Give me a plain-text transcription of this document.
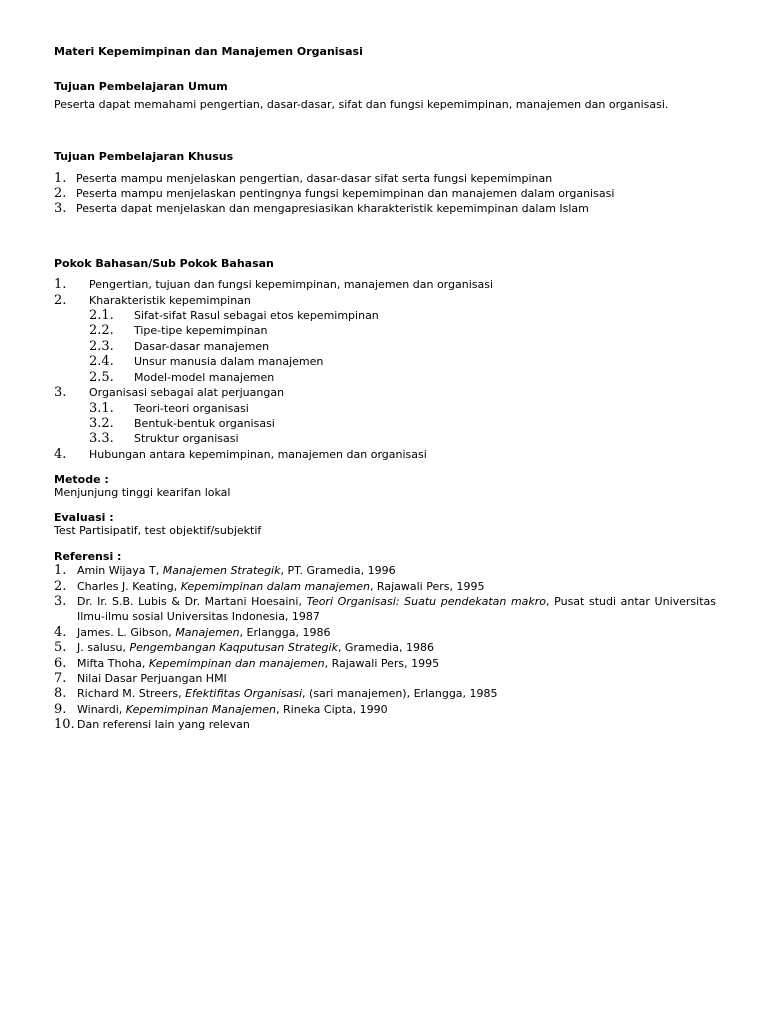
Materi Kepemimpinan dan Manajemen Organisasi

Tujuan Pembelajaran Umum

Peserta dapat memahami pengertian, dasar-dasar, sifat dan fungsi kepemimpinan, manajemen dan organisasi.

Tujuan Pembelajaran Khusus

1. Peserta mampu menjelaskan pengertian, dasar-dasar sifat serta fungsi kepemimpinan
2. Peserta mampu menjelaskan pentingnya fungsi kepemimpinan dan manajemen dalam organisasi
3. Peserta dapat menjelaskan dan mengapresiasikan kharakteristik kepemimpinan dalam Islam

Pokok Bahasan/Sub Pokok Bahasan

1.	Pengertian, tujuan dan fungsi kepemimpinan, manajemen dan organisasi
2.	Kharakteristik kepemimpinan
2.1.	Sifat-sifat Rasul sebagai etos kepemimpinan
2.2.	Tipe-tipe kepemimpinan
2.3.	Dasar-dasar manajemen
2.4.	Unsur manusia dalam manajemen
2.5.	Model-model manajemen
3.	Organisasi sebagai alat perjuangan
3.1.	Teori-teori organisasi
3.2.	Bentuk-bentuk organisasi
3.3.	Struktur organisasi
4.	Hubungan antara kepemimpinan, manajemen dan organisasi

Metode :

Menjunjung tinggi kearifan lokal

Evaluasi :

Test Partisipatif, test objektif/subjektif

Referensi :

1. Amin Wijaya T, Manajemen Strategik, PT. Gramedia, 1996
2. Charles J. Keating, Kepemimpinan dalam manajemen, Rajawali Pers, 1995
3. Dr. Ir. S.B. Lubis & Dr. Martani Hoesaini, Teori Organisasi: Suatu pendekatan makro, Pusat studi antar Universitas Ilmu-ilmu sosial Universitas Indonesia, 1987
4. James. L. Gibson, Manajemen, Erlangga, 1986
5. J. salusu, Pengembangan Kaqputusan Strategik, Gramedia, 1986
6. Mifta Thoha, Kepemimpinan dan manajemen, Rajawali Pers, 1995
7. Nilai Dasar Perjuangan HMI
8. Richard M. Streers, Efektifitas Organisasi, (sari manajemen), Erlangga, 1985
9. Winardi, Kepemimpinan Manajemen, Rineka Cipta, 1990
10. Dan referensi lain yang relevan
